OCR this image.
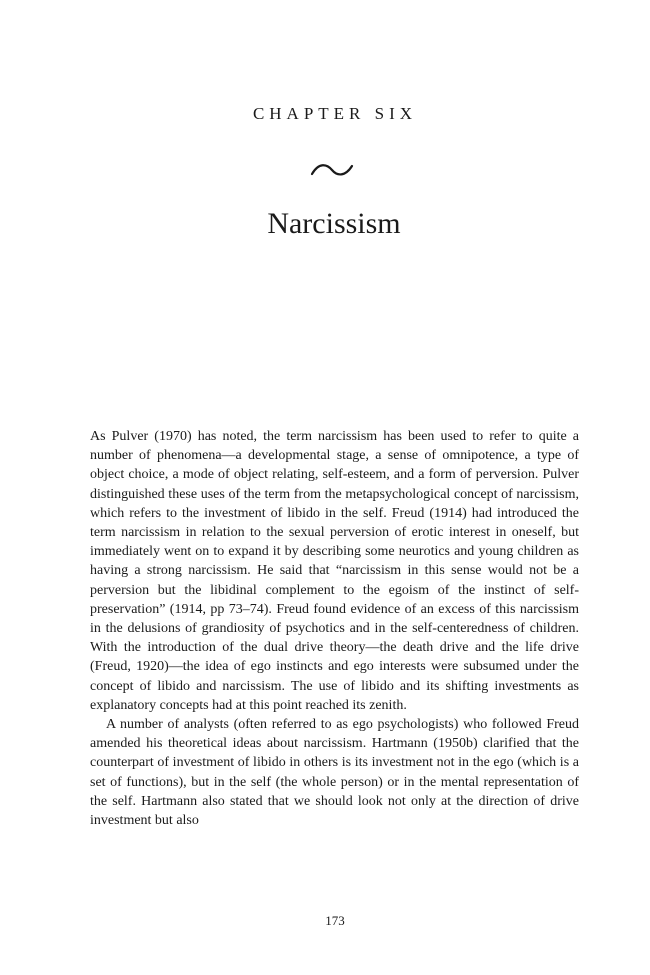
CHAPTER SIX
Narcissism

As Pulver (1970) has noted, the term narcissism has been used to refer to quite a number of phenomena—a developmental stage, a sense of omnipotence, a type of object choice, a mode of object relating, self-esteem, and a form of perversion. Pulver distinguished these uses of the term from the metapsychological concept of narcissism, which refers to the investment of libido in the self. Freud (1914) had introduced the term narcissism in relation to the sexual perversion of erotic interest in oneself, but immediately went on to expand it by describing some neurotics and young children as having a strong narcissism. He said that “narcissism in this sense would not be a perversion but the libidinal complement to the egoism of the instinct of self-preservation” (1914, pp 73–74). Freud found evidence of an excess of this narcissism in the delusions of grandiosity of psychotics and in the self-centeredness of children. With the introduction of the dual drive theory—the death drive and the life drive (Freud, 1920)—the idea of ego instincts and ego interests were subsumed under the concept of libido and narcissism. The use of libido and its shifting investments as explanatory concepts had at this point reached its zenith.

A number of analysts (often referred to as ego psychologists) who followed Freud amended his theoretical ideas about narcissism. Hartmann (1950b) clarified that the counterpart of investment of libido in others is its investment not in the ego (which is a set of functions), but in the self (the whole person) or in the mental representation of the self. Hartmann also stated that we should look not only at the direction of drive investment but also

173
